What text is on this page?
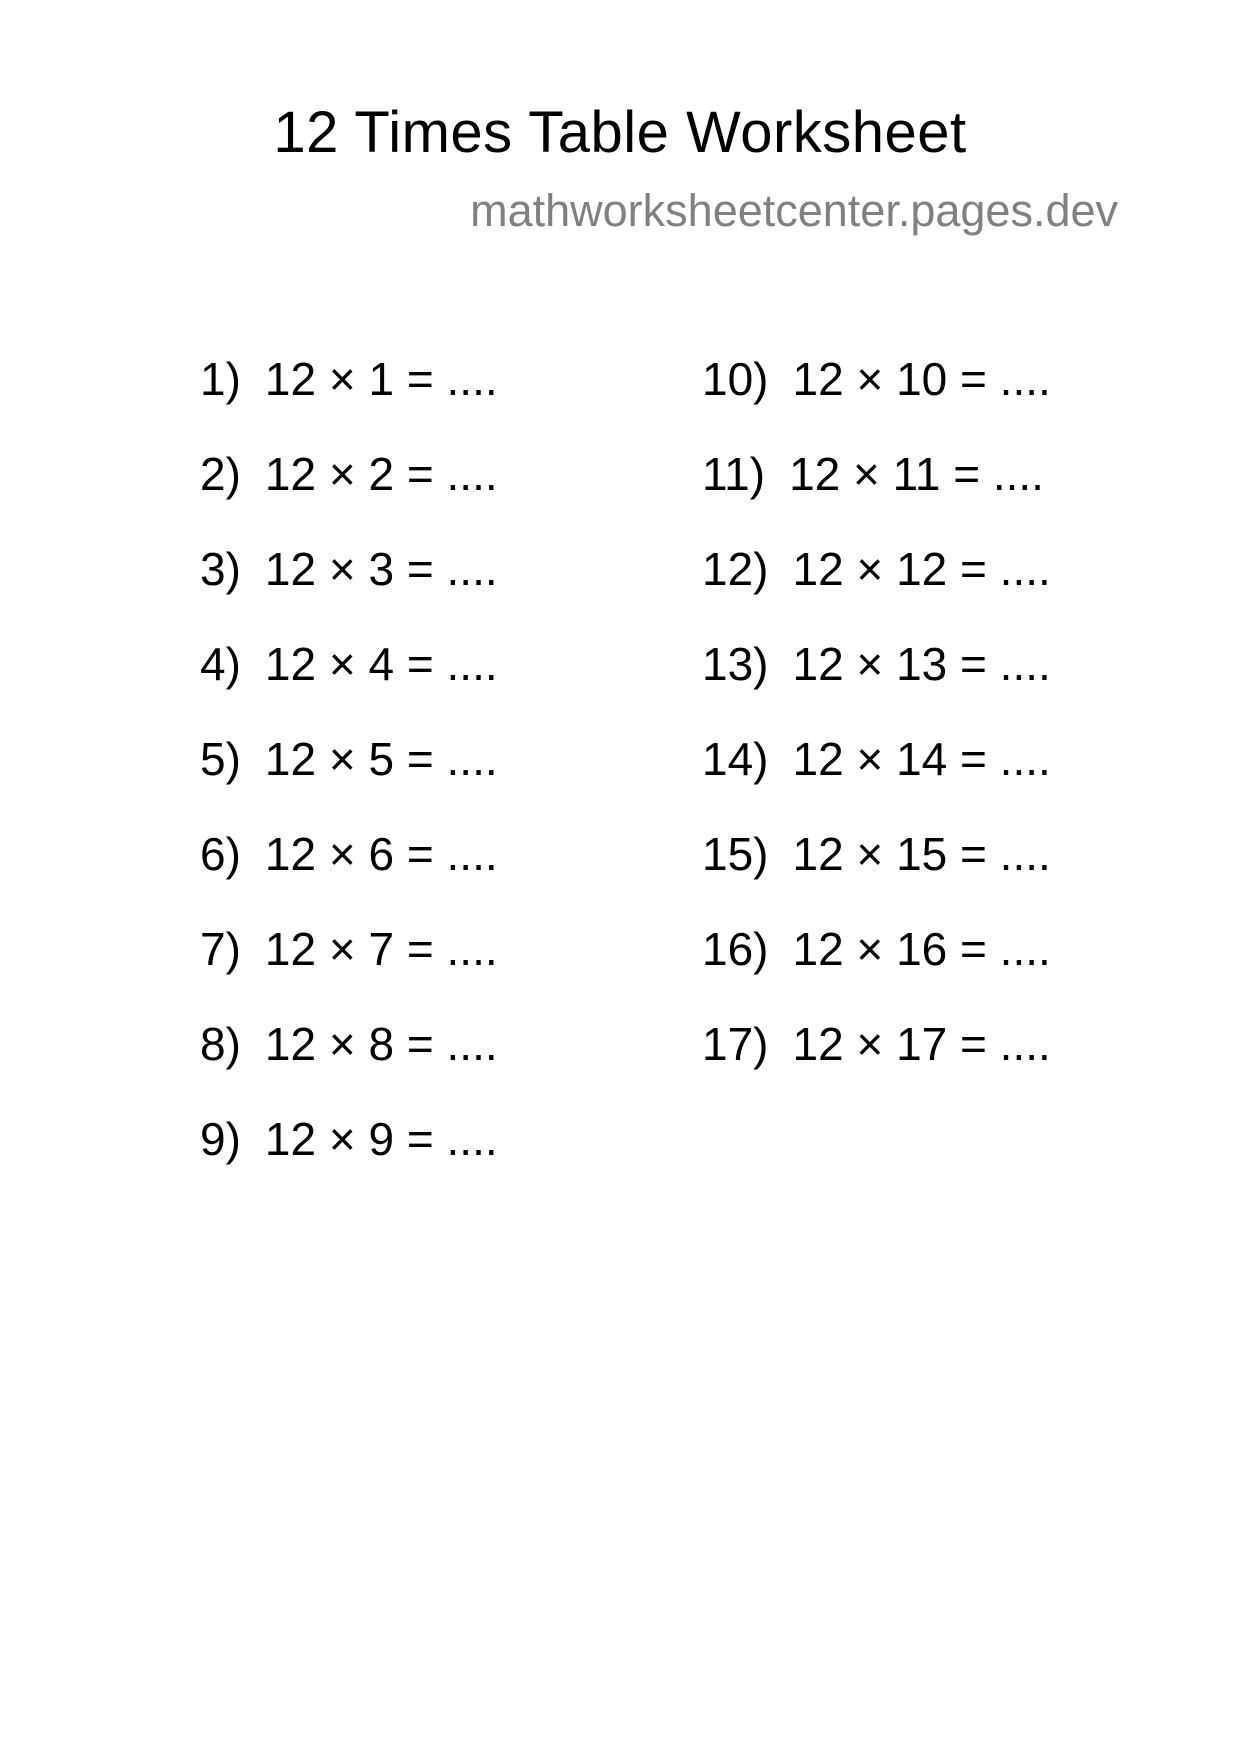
12 Times Table Worksheet
mathworksheetcenter.pages.dev
1) 12 × 1 = ....
2) 12 × 2 = ....
3) 12 × 3 = ....
4) 12 × 4 = ....
5) 12 × 5 = ....
6) 12 × 6 = ....
7) 12 × 7 = ....
8) 12 × 8 = ....
9) 12 × 9 = ....
10) 12 × 10 = ....
11) 12 × 11 = ....
12) 12 × 12 = ....
13) 12 × 13 = ....
14) 12 × 14 = ....
15) 12 × 15 = ....
16) 12 × 16 = ....
17) 12 × 17 = ....
